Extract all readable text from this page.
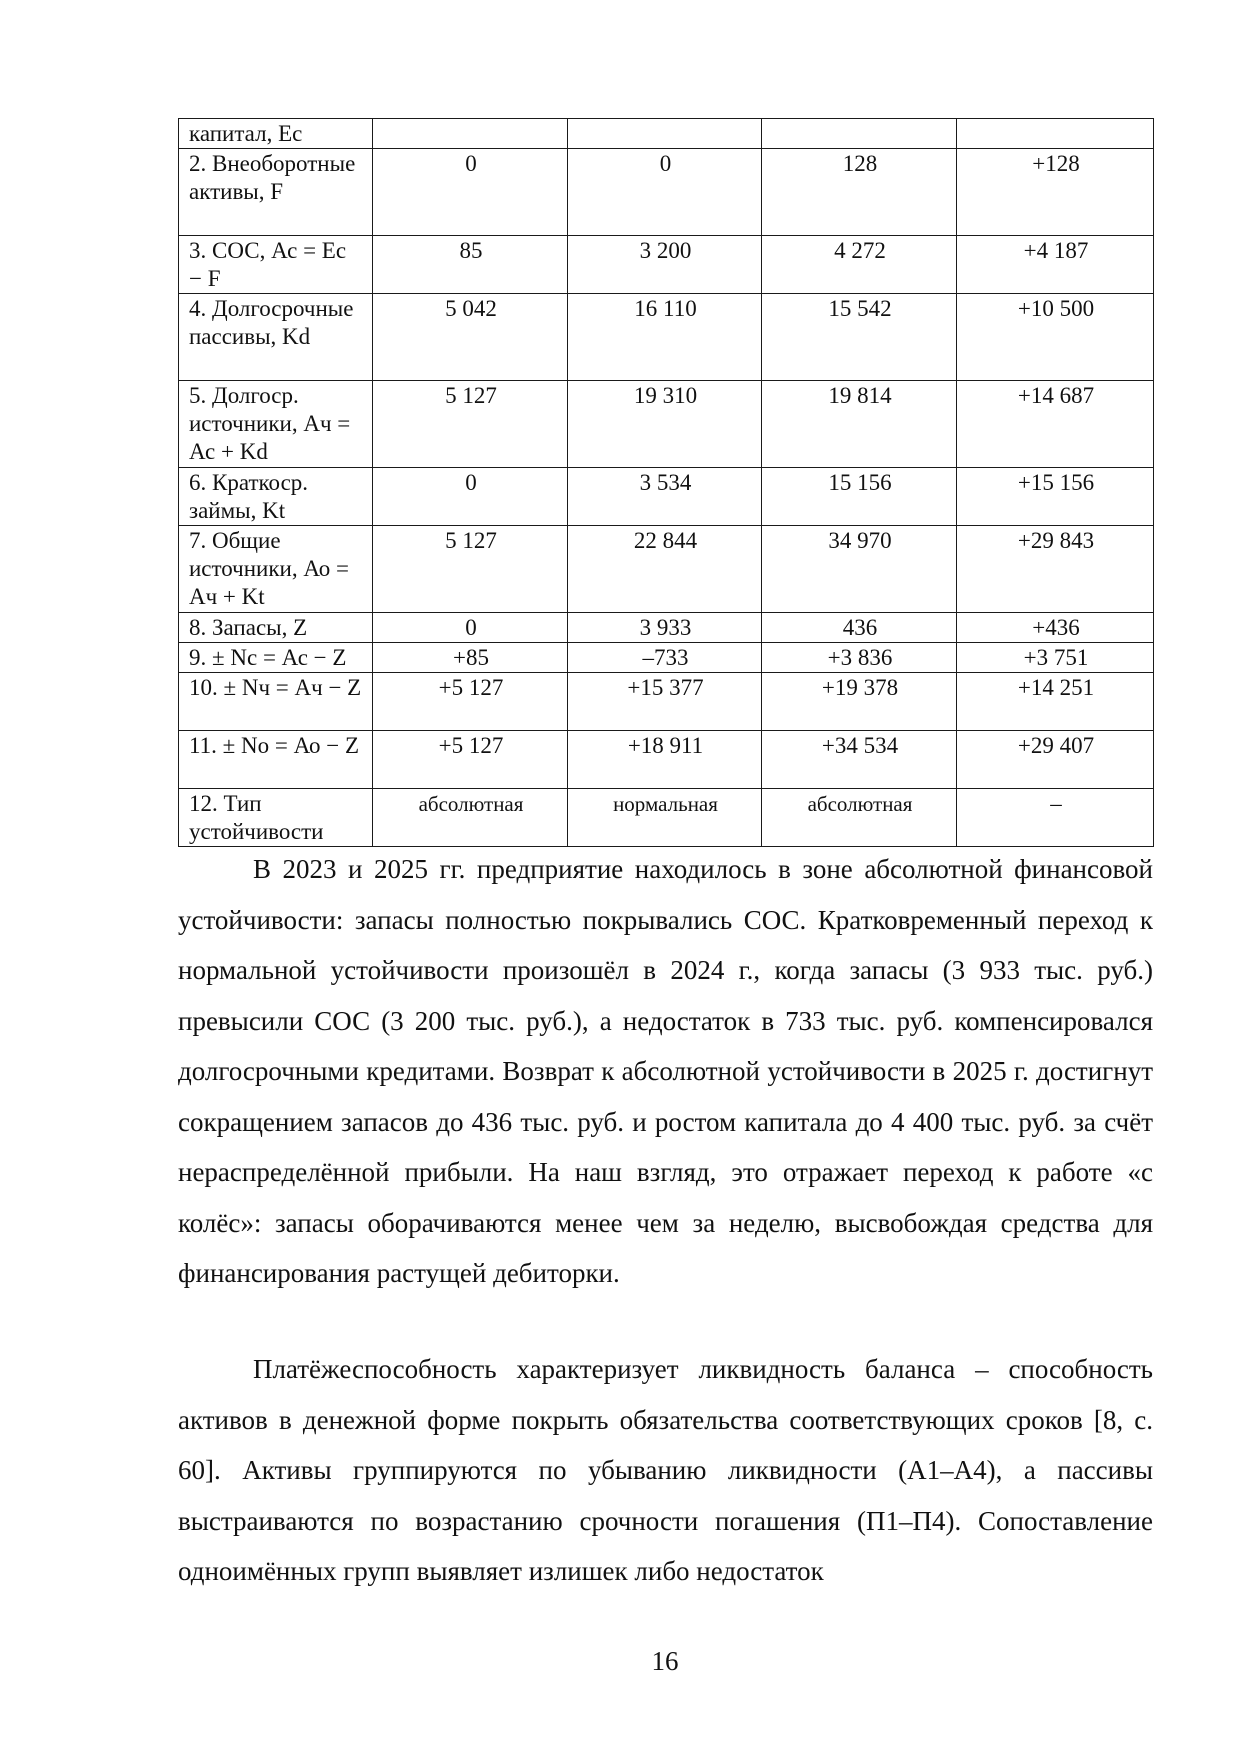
капитал, Ес				
2. Внеоборотные активы, F	0	0	128	+128
3. СОС, Ас = Ес − F	85	3 200	4 272	+4 187
4. Долгосрочные пассивы, Kd	5 042	16 110	15 542	+10 500
5. Долгоср. источники, Ач = Ас + Kd	5 127	19 310	19 814	+14 687
6. Краткоср. займы, Kt	0	3 534	15 156	+15 156
7. Общие источники, Ао = Ач + Kt	5 127	22 844	34 970	+29 843
8. Запасы, Z	0	3 933	436	+436
9. ± Nc = Ас − Z	+85	–733	+3 836	+3 751
10. ± Nч = Ач − Z	+5 127	+15 377	+19 378	+14 251
11. ± No = Ао − Z	+5 127	+18 911	+34 534	+29 407
12. Тип устойчивости	абсолютная	нормальная	абсолютная	–

В 2023 и 2025 гг. предприятие находилось в зоне абсолютной финансовой устойчивости: запасы полностью покрывались СОС. Кратковременный переход к нормальной устойчивости произошёл в 2024 г., когда запасы (3 933 тыс. руб.) превысили СОС (3 200 тыс. руб.), а недостаток в 733 тыс. руб. компенсировался долгосрочными кредитами. Возврат к абсолютной устойчивости в 2025 г. достигнут сокращением запасов до 436 тыс. руб. и ростом капитала до 4 400 тыс. руб. за счёт нераспределённой прибыли. На наш взгляд, это отражает переход к работе «с колёс»: запасы оборачиваются менее чем за неделю, высвобождая средства для финансирования растущей дебиторки.

Платёжеспособность характеризует ликвидность баланса – способность активов в денежной форме покрыть обязательства соответствующих сроков [8, с. 60]. Активы группируются по убыванию ликвидности (А1–А4), а пассивы выстраиваются по возрастанию срочности погашения (П1–П4). Сопоставление одноимённых групп выявляет излишек либо недостаток

16
